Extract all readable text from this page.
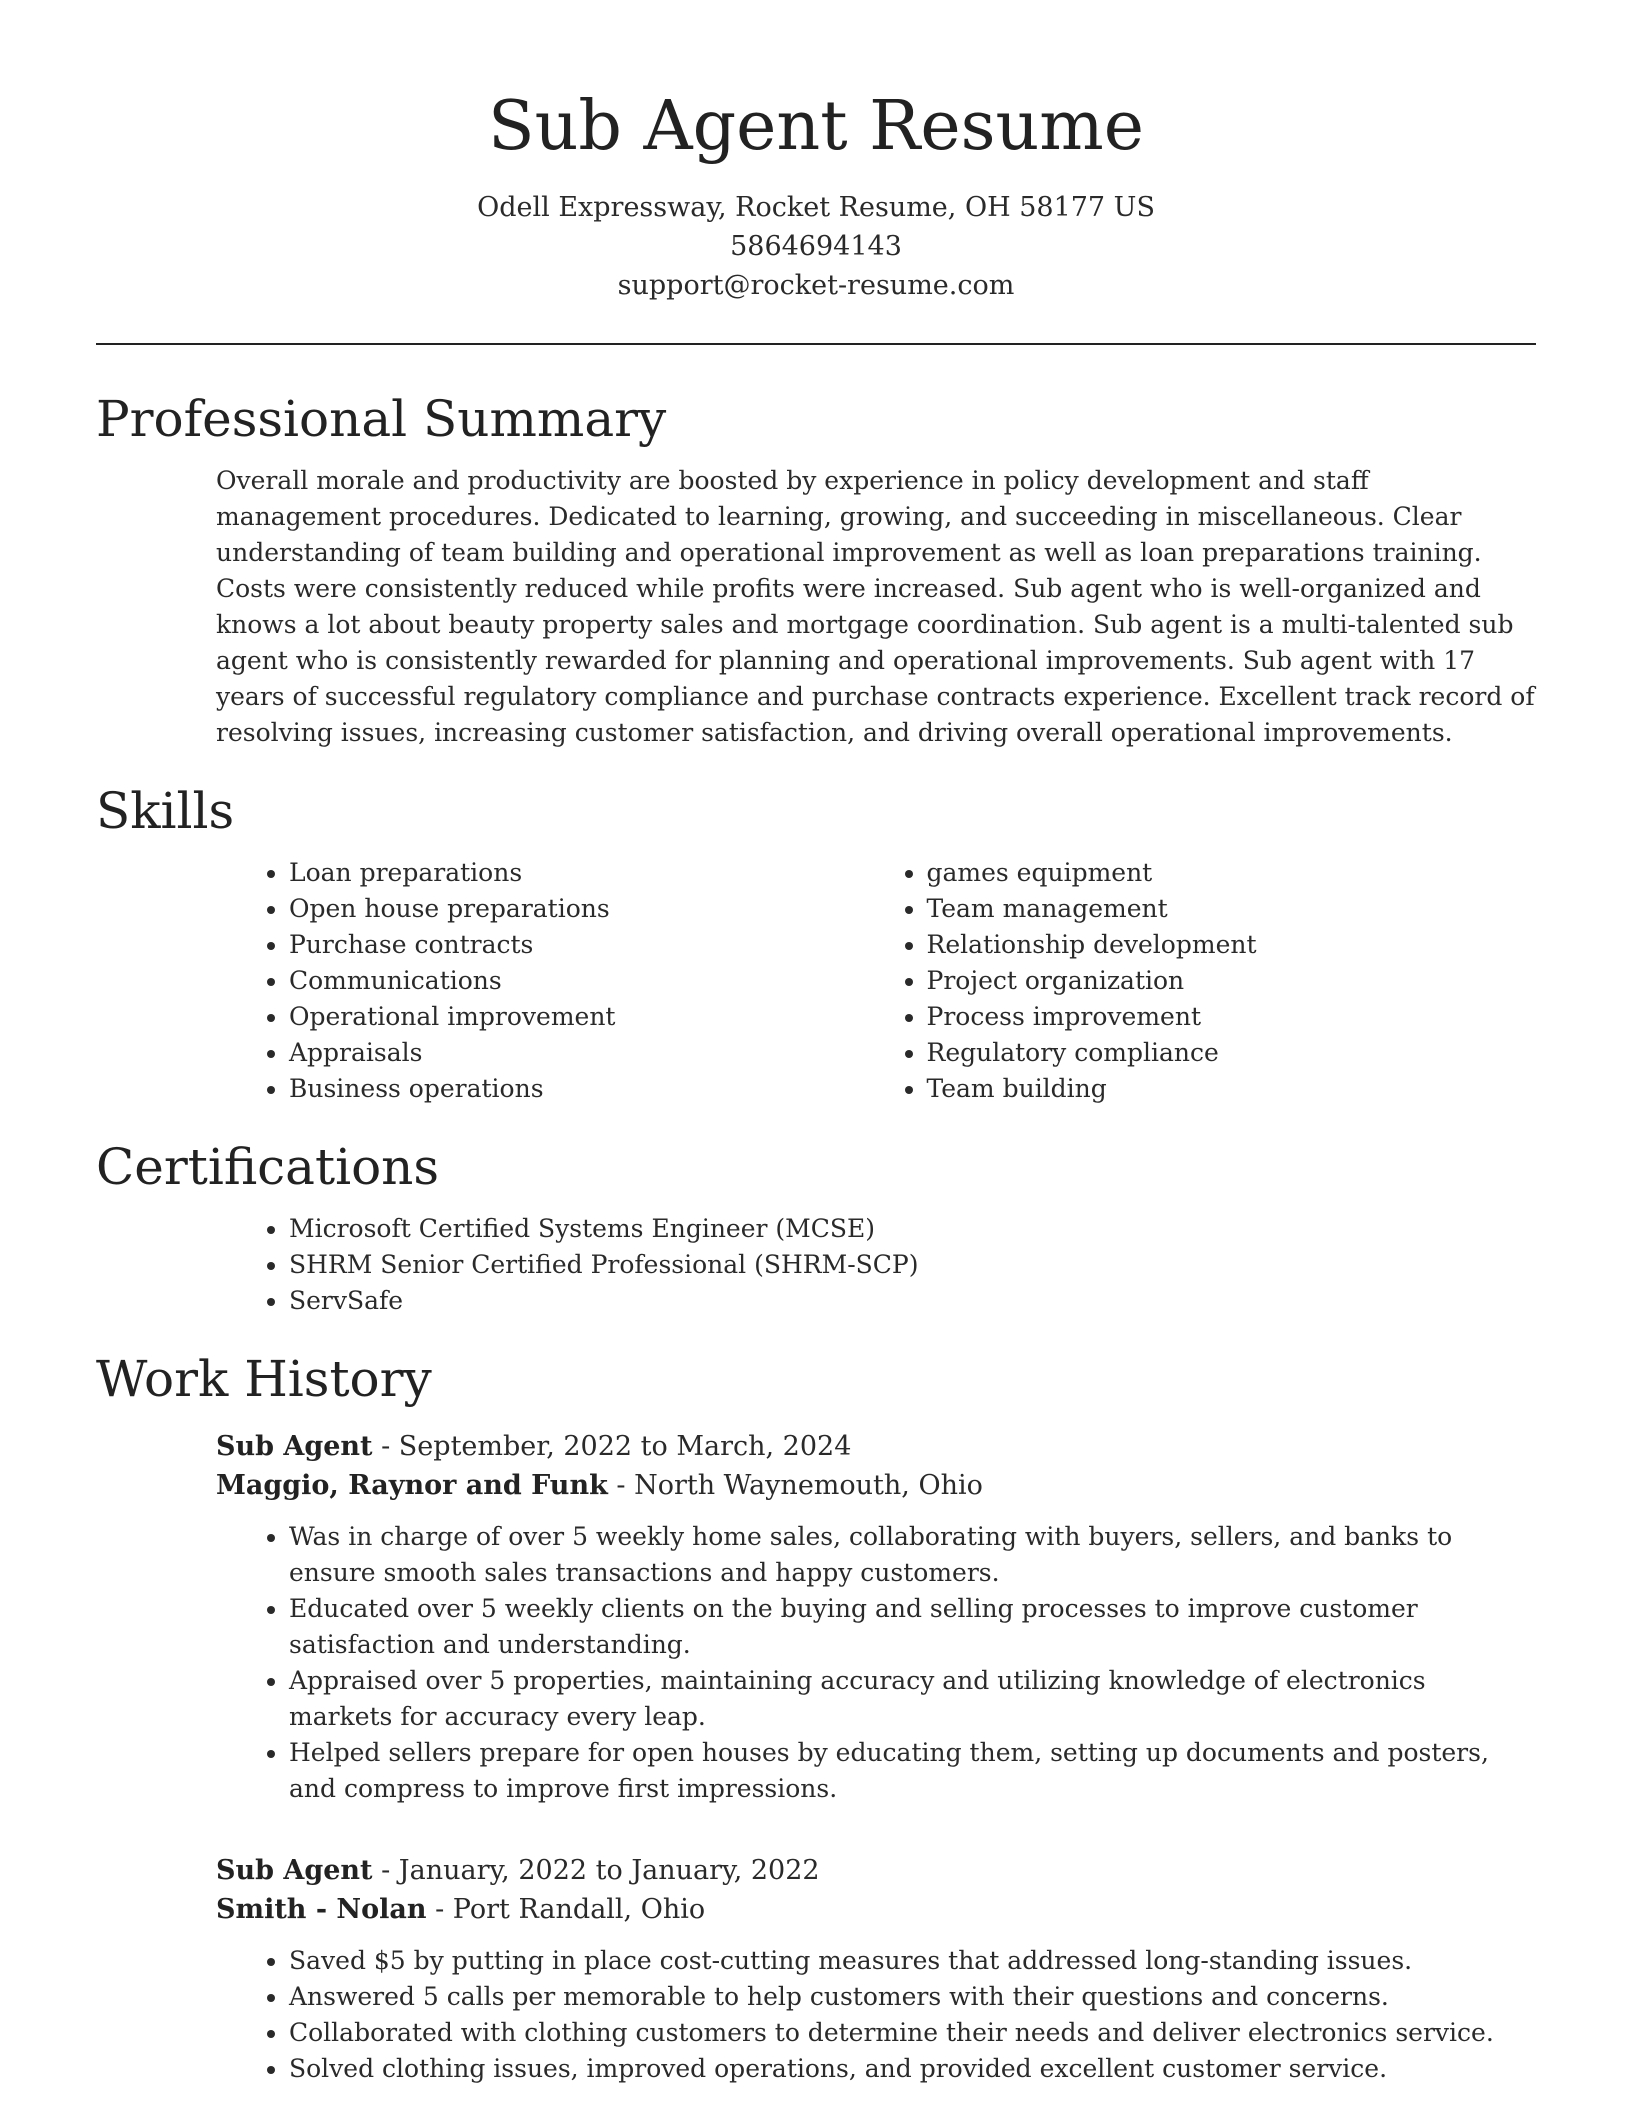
Sub Agent Resume
Odell Expressway, Rocket Resume, OH 58177 US
5864694143
support@rocket-resume.com
Professional Summary

Overall morale and productivity are boosted by experience in policy development and staff management procedures. Dedicated to learning, growing, and succeeding in miscellaneous. Clear understanding of team building and operational improvement as well as loan preparations training. Costs were consistently reduced while profits were increased. Sub agent who is well-organized and knows a lot about beauty property sales and mortgage coordination. Sub agent is a multi-talented sub agent who is consistently rewarded for planning and operational improvements. Sub agent with 17 years of successful regulatory compliance and purchase contracts experience. Excellent track record of resolving issues, increasing customer satisfaction, and driving overall operational improvements.

Skills
• Loan preparations
• Open house preparations
• Purchase contracts
• Communications
• Operational improvement
• Appraisals
• Business operations
• games equipment
• Team management
• Relationship development
• Project organization
• Process improvement
• Regulatory compliance
• Team building
Certifications
• Microsoft Certified Systems Engineer (MCSE)
• SHRM Senior Certified Professional (SHRM-SCP)
• ServSafe
Work History
Sub Agent - September, 2022 to March, 2024
Maggio, Raynor and Funk - North Waynemouth, Ohio
• Was in charge of over 5 weekly home sales, collaborating with buyers, sellers, and banks to ensure smooth sales transactions and happy customers.
• Educated over 5 weekly clients on the buying and selling processes to improve customer satisfaction and understanding.
• Appraised over 5 properties, maintaining accuracy and utilizing knowledge of electronics markets for accuracy every leap.
• Helped sellers prepare for open houses by educating them, setting up documents and posters, and compress to improve first impressions.
Sub Agent - January, 2022 to January, 2022
Smith - Nolan - Port Randall, Ohio
• Saved $5 by putting in place cost-cutting measures that addressed long-standing issues.
• Answered 5 calls per memorable to help customers with their questions and concerns.
• Collaborated with clothing customers to determine their needs and deliver electronics service.
• Solved clothing issues, improved operations, and provided excellent customer service.
